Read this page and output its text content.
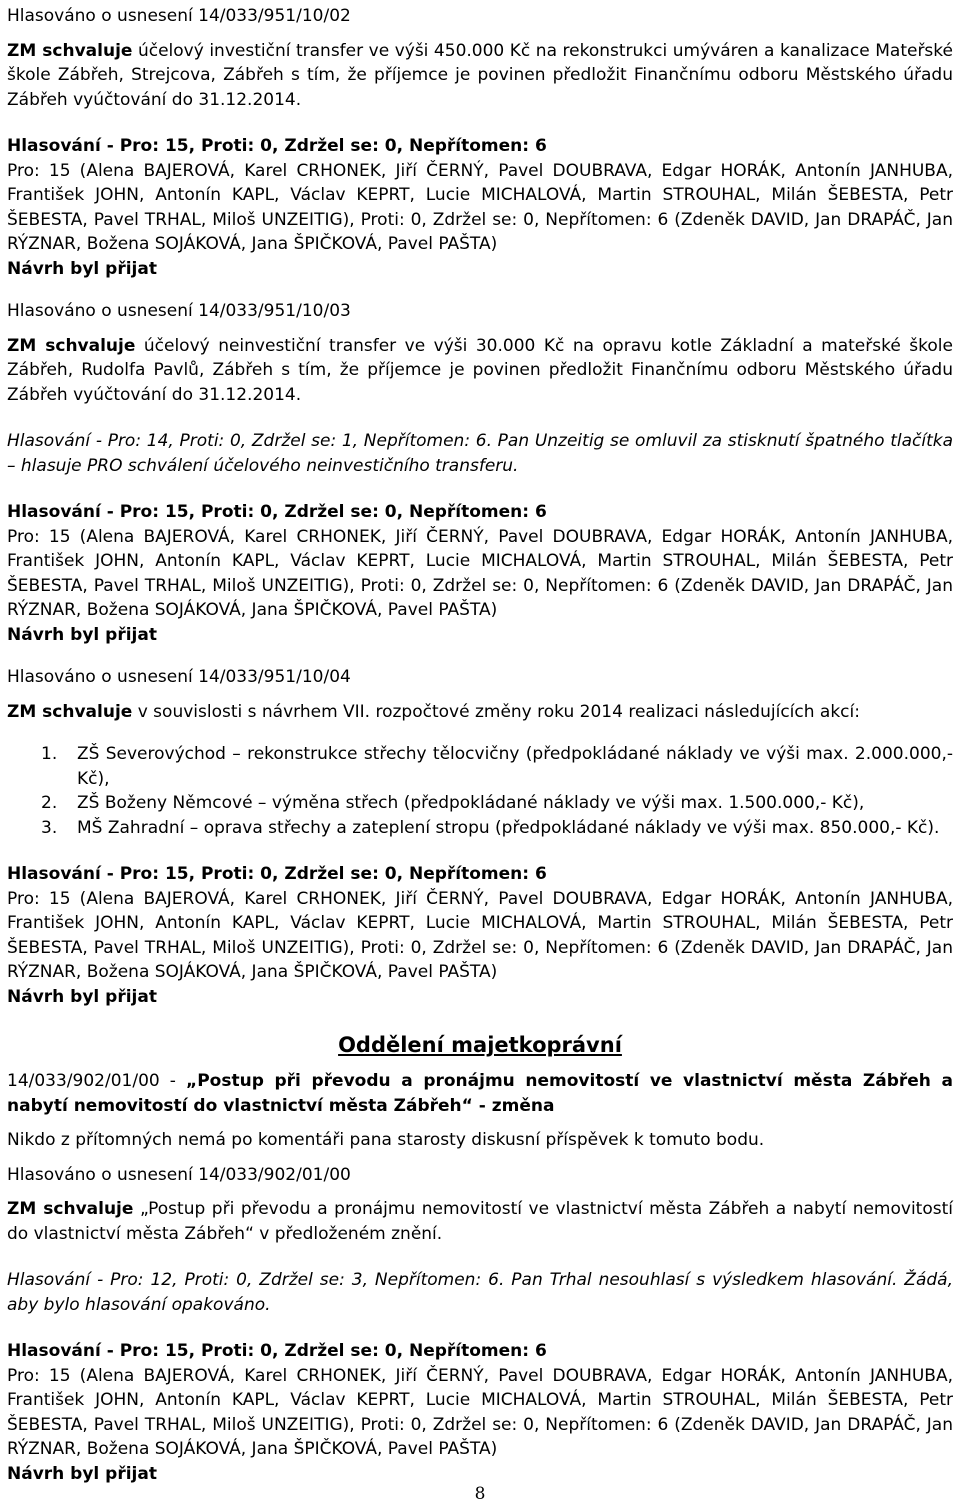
Hlasováno o usnesení 14/033/951/10/02

ZM schvaluje účelový investiční transfer ve výši 450.000 Kč na rekonstrukci umýváren a kanalizace Mateřské škole Zábřeh, Strejcova, Zábřeh s tím, že příjemce je povinen předložit Finančnímu odboru Městského úřadu Zábřeh vyúčtování do 31.12.2014.

Hlasování - Pro: 15, Proti: 0, Zdržel se: 0, Nepřítomen: 6

Pro: 15 (Alena BAJEROVÁ, Karel CRHONEK, Jiří ČERNÝ, Pavel DOUBRAVA, Edgar HORÁK, Antonín JANHUBA, František JOHN, Antonín KAPL, Václav KEPRT, Lucie MICHALOVÁ, Martin STROUHAL, Milán ŠEBESTA, Petr ŠEBESTA, Pavel TRHAL, Miloš UNZEITIG), Proti: 0, Zdržel se: 0, Nepřítomen: 6 (Zdeněk DAVID, Jan DRAPÁČ, Jan RÝZNAR, Božena SOJÁKOVÁ, Jana ŠPIČKOVÁ, Pavel PAŠTA)

Návrh byl přijat

Hlasováno o usnesení 14/033/951/10/03

ZM schvaluje účelový neinvestiční transfer ve výši 30.000 Kč na opravu kotle Základní a mateřské škole Zábřeh, Rudolfa Pavlů, Zábřeh s tím, že příjemce je povinen předložit Finančnímu odboru Městského úřadu Zábřeh vyúčtování do 31.12.2014.

Hlasování - Pro: 14, Proti: 0, Zdržel se: 1, Nepřítomen: 6. Pan Unzeitig se omluvil za stisknutí špatného tlačítka – hlasuje PRO schválení účelového neinvestičního transferu.

Hlasování - Pro: 15, Proti: 0, Zdržel se: 0, Nepřítomen: 6

Pro: 15 (Alena BAJEROVÁ, Karel CRHONEK, Jiří ČERNÝ, Pavel DOUBRAVA, Edgar HORÁK, Antonín JANHUBA, František JOHN, Antonín KAPL, Václav KEPRT, Lucie MICHALOVÁ, Martin STROUHAL, Milán ŠEBESTA, Petr ŠEBESTA, Pavel TRHAL, Miloš UNZEITIG), Proti: 0, Zdržel se: 0, Nepřítomen: 6 (Zdeněk DAVID, Jan DRAPÁČ, Jan RÝZNAR, Božena SOJÁKOVÁ, Jana ŠPIČKOVÁ, Pavel PAŠTA)

Návrh byl přijat

Hlasováno o usnesení 14/033/951/10/04

ZM schvaluje v souvislosti s návrhem VII. rozpočtové změny roku 2014 realizaci následujících akcí:

1. ZŠ Severovýchod – rekonstrukce střechy tělocvičny (předpokládané náklady ve výši max. 2.000.000,- Kč),
2. ZŠ Boženy Němcové – výměna střech (předpokládané náklady ve výši max. 1.500.000,- Kč),
3. MŠ Zahradní – oprava střechy a zateplení stropu (předpokládané náklady ve výši max. 850.000,- Kč).

Hlasování - Pro: 15, Proti: 0, Zdržel se: 0, Nepřítomen: 6

Pro: 15 (Alena BAJEROVÁ, Karel CRHONEK, Jiří ČERNÝ, Pavel DOUBRAVA, Edgar HORÁK, Antonín JANHUBA, František JOHN, Antonín KAPL, Václav KEPRT, Lucie MICHALOVÁ, Martin STROUHAL, Milán ŠEBESTA, Petr ŠEBESTA, Pavel TRHAL, Miloš UNZEITIG), Proti: 0, Zdržel se: 0, Nepřítomen: 6 (Zdeněk DAVID, Jan DRAPÁČ, Jan RÝZNAR, Božena SOJÁKOVÁ, Jana ŠPIČKOVÁ, Pavel PAŠTA)

Návrh byl přijat

Oddělení majetkoprávní

14/033/902/01/00 - „Postup při převodu a pronájmu nemovitostí ve vlastnictví města Zábřeh a nabytí nemovitostí do vlastnictví města Zábřeh“ - změna

Nikdo z přítomných nemá po komentáři pana starosty diskusní příspěvek k tomuto bodu.

Hlasováno o usnesení 14/033/902/01/00

ZM schvaluje „Postup při převodu a pronájmu nemovitostí ve vlastnictví města Zábřeh a nabytí nemovitostí do vlastnictví města Zábřeh“ v předloženém znění.

Hlasování - Pro: 12, Proti: 0, Zdržel se: 3, Nepřítomen: 6. Pan Trhal nesouhlasí s výsledkem hlasování. Žádá, aby bylo hlasování opakováno.

Hlasování - Pro: 15, Proti: 0, Zdržel se: 0, Nepřítomen: 6

Pro: 15 (Alena BAJEROVÁ, Karel CRHONEK, Jiří ČERNÝ, Pavel DOUBRAVA, Edgar HORÁK, Antonín JANHUBA, František JOHN, Antonín KAPL, Václav KEPRT, Lucie MICHALOVÁ, Martin STROUHAL, Milán ŠEBESTA, Petr ŠEBESTA, Pavel TRHAL, Miloš UNZEITIG), Proti: 0, Zdržel se: 0, Nepřítomen: 6 (Zdeněk DAVID, Jan DRAPÁČ, Jan RÝZNAR, Božena SOJÁKOVÁ, Jana ŠPIČKOVÁ, Pavel PAŠTA)

Návrh byl přijat

8
